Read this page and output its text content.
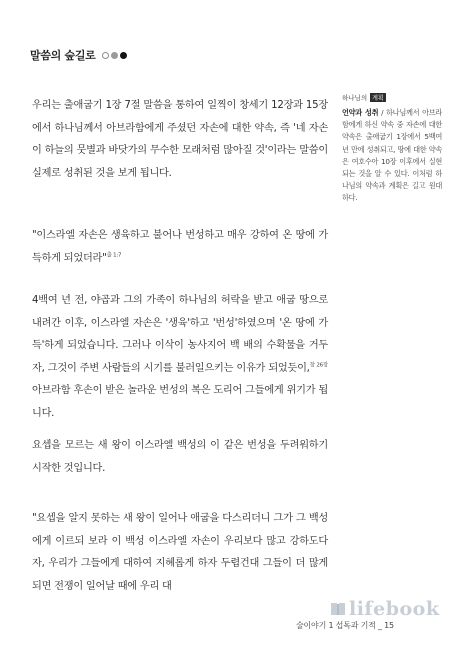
말씀의 숲길로

우리는 출애굽기 1장 7절 말씀을 통하여 일찍이 창세기 12장과 15장에서 하나님께서 아브라함에게 주셨던 자손에 대한 약속, 즉 '네 자손이 하늘의 뭇별과 바닷가의 무수한 모래처럼 많아질 것'이라는 말씀이 실제로 성취된 것을 보게 됩니다.

"이스라엘 자손은 생육하고 불어나 번성하고 매우 강하여 온 땅에 가득하게 되었더라"$^{출 1:7}$

4백여 년 전, 야곱과 그의 가족이 하나님의 허락을 받고 애굽 땅으로 내려간 이후, 이스라엘 자손은 '생육'하고 '번성'하였으며 '온 땅에 가득'하게 되었습니다. 그러나 이삭이 농사지어 백 배의 수확물을 거두자, 그것이 주변 사람들의 시기를 불러일으키는 이유가 되었듯이,$^{창 26장}$ 아브라함 후손이 받은 놀라운 번성의 복은 도리어 그들에게 위기가 됩니다.

요셉을 모르는 새 왕이 이스라엘 백성의 이 같은 번성을 두려워하기 시작한 것입니다.

"요셉을 알지 못하는 새 왕이 일어나 애굽을 다스리더니 그가 그 백성에게 이르되 보라 이 백성 이스라엘 자손이 우리보다 많고 강하도다 자, 우리가 그들에게 대하여 지혜롭게 하자 두렵건대 그들이 더 많게 되면 전쟁이 일어날 때에 우리 대

하나님의 계획
언약과 성취 / 하나님께서 아브라함에게 하신 약속 중 자손에 대한 약속은 출애굽기 1장에서 5백여 년 만에 성취되고, 땅에 대한 약속은 여호수아 10장 이후에서 실현되는 것을 알 수 있다. 이처럼 하나님의 약속과 계획은 길고 원대하다.
lifebook
술이야기 1 섭독과 기적 _ 15
